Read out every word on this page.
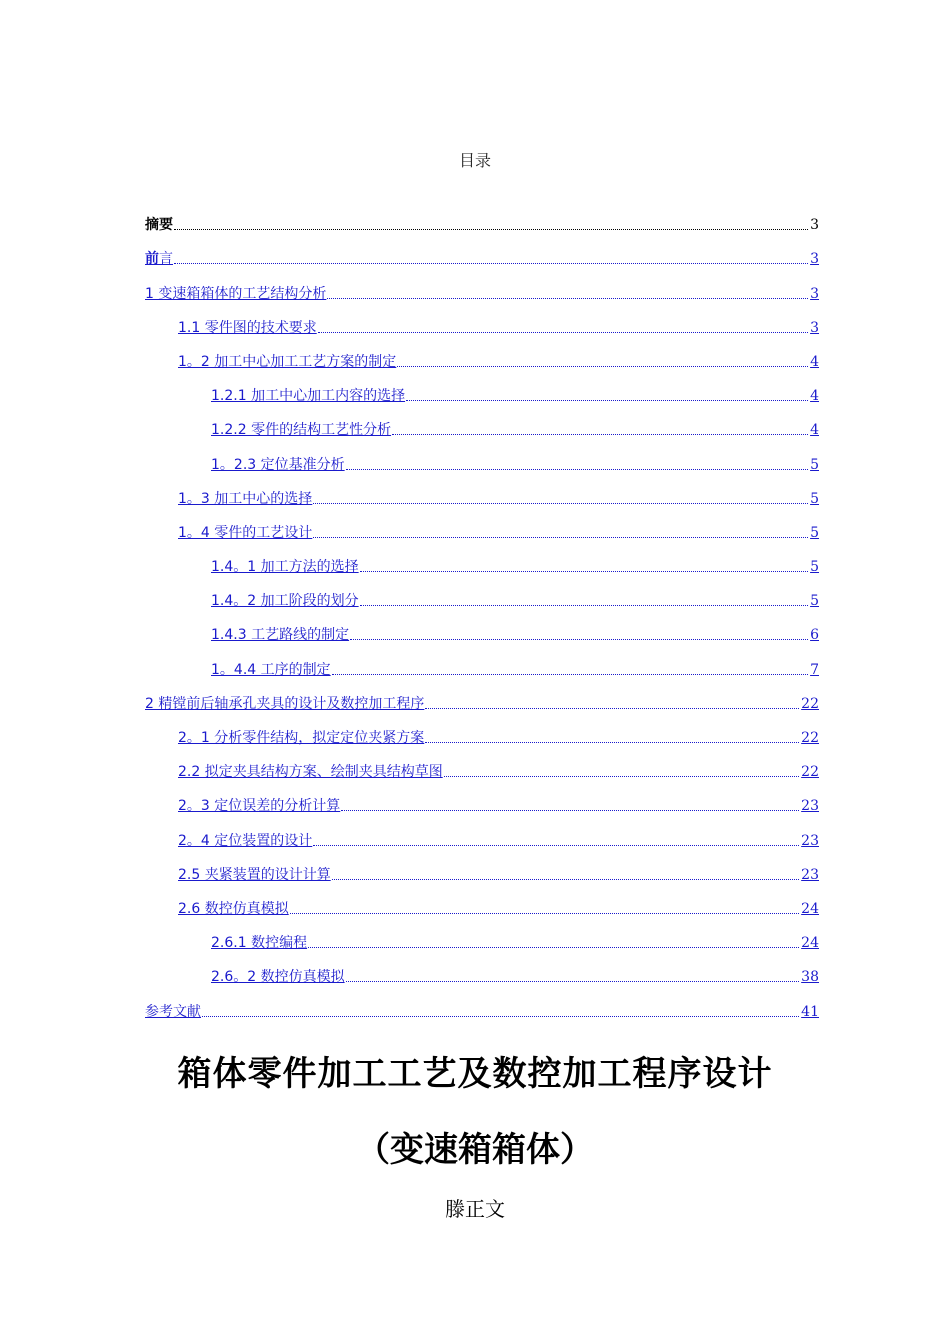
目录
摘要	3
前言	3
1 变速箱箱体的工艺结构分析	3
1.1 零件图的技术要求	3
1。2 加工中心加工工艺方案的制定	4
1.2.1 加工中心加工内容的选择	4
1.2.2 零件的结构工艺性分析	4
1。2.3 定位基准分析	5
1。3 加工中心的选择	5
1。4 零件的工艺设计	5
1.4。1 加工方法的选择	5
1.4。2 加工阶段的划分	5
1.4.3 工艺路线的制定	6
1。4.4 工序的制定	7
2 精镗前后轴承孔夹具的设计及数控加工程序	22
2。1 分析零件结构，拟定定位夹紧方案	22
2.2 拟定夹具结构方案、绘制夹具结构草图	22
2。3 定位误差的分析计算	23
2。4 定位装置的设计	23
2.5 夹紧装置的设计计算	23
2.6 数控仿真模拟	24
2.6.1 数控编程	24
2.6。2 数控仿真模拟	38
参考文献	41
箱体零件加工工艺及数控加工程序设计
（变速箱箱体）
滕正文
